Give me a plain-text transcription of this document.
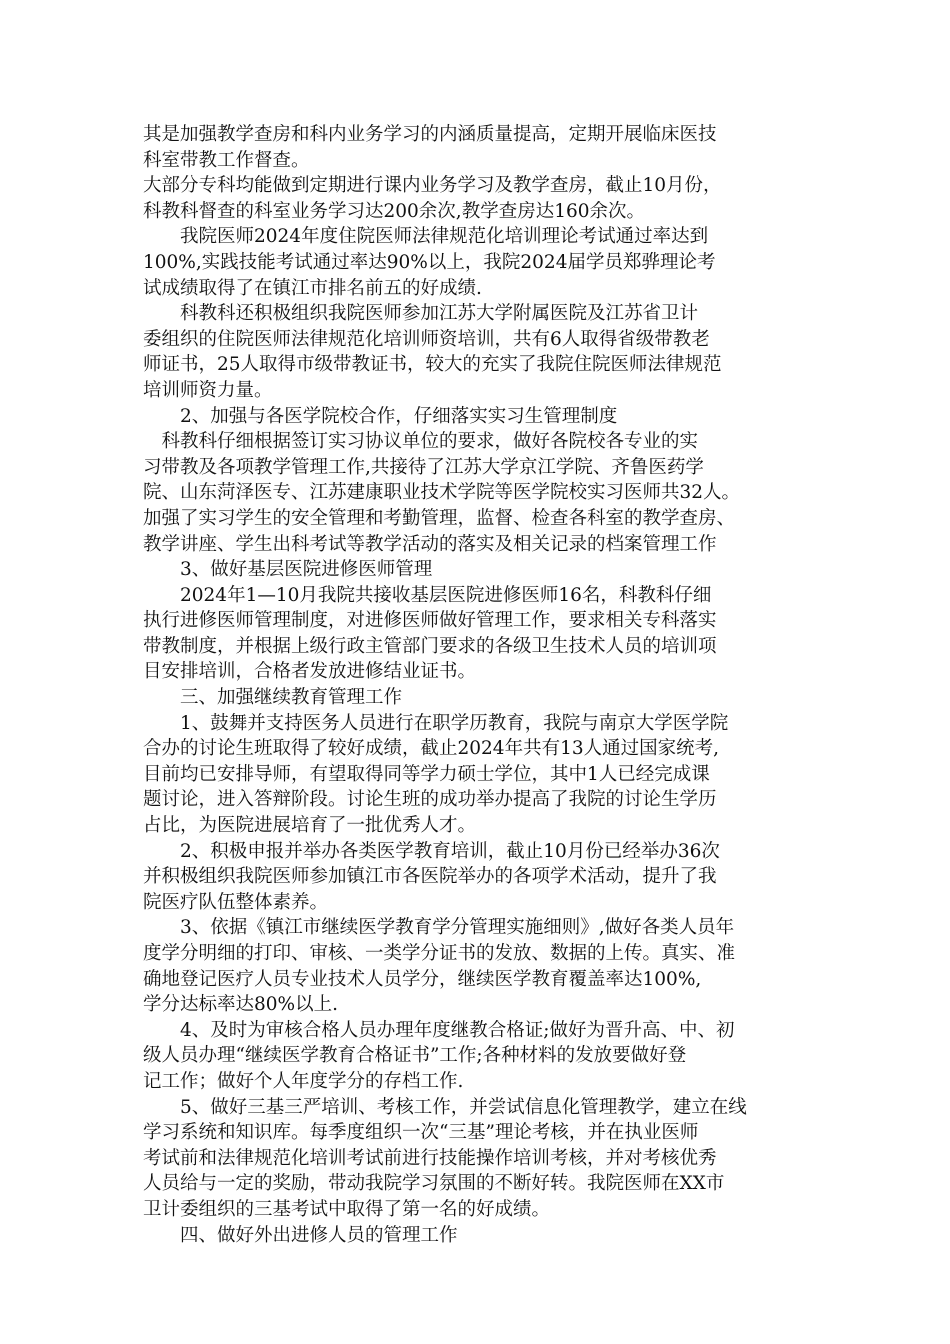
其是加强教学查房和科内业务学习的内涵质量提高，定期开展临床医技
科室带教工作督查。
大部分专科均能做到定期进行课内业务学习及教学查房，截止10月份，
科教科督查的科室业务学习达200余次,教学查房达160余次。
　　我院医师2024年度住院医师法律规范化培训理论考试通过率达到
100%,实践技能考试通过率达90%以上，我院2024届学员郑骅理论考
试成绩取得了在镇江市排名前五的好成绩.
　　科教科还积极组织我院医师参加江苏大学附属医院及江苏省卫计
委组织的住院医师法律规范化培训师资培训，共有6人取得省级带教老
师证书，25人取得市级带教证书，较大的充实了我院住院医师法律规范
培训师资力量。
　　2、加强与各医学院校合作，仔细落实实习生管理制度
　科教科仔细根据签订实习协议单位的要求，做好各院校各专业的实
习带教及各项教学管理工作,共接待了江苏大学京江学院、齐鲁医药学
院、山东菏泽医专、江苏建康职业技术学院等医学院校实习医师共32人。
加强了实习学生的安全管理和考勤管理，监督、检查各科室的教学查房、
教学讲座、学生出科考试等教学活动的落实及相关记录的档案管理工作
　　3、做好基层医院进修医师管理
　　2024年1—10月我院共接收基层医院进修医师16名，科教科仔细
执行进修医师管理制度，对进修医师做好管理工作，要求相关专科落实
带教制度，并根据上级行政主管部门要求的各级卫生技术人员的培训项
目安排培训，合格者发放进修结业证书。
　　三、加强继续教育管理工作
　　1、鼓舞并支持医务人员进行在职学历教育，我院与南京大学医学院
合办的讨论生班取得了较好成绩，截止2024年共有13人通过国家统考,
目前均已安排导师，有望取得同等学力硕士学位，其中1人已经完成课
题讨论，进入答辩阶段。讨论生班的成功举办提高了我院的讨论生学历
占比，为医院进展培育了一批优秀人才。
　　2、积极申报并举办各类医学教育培训，截止10月份已经举办36次
并积极组织我院医师参加镇江市各医院举办的各项学术活动，提升了我
院医疗队伍整体素养。
　　3、依据《镇江市继续医学教育学分管理实施细则》,做好各类人员年
度学分明细的打印、审核、一类学分证书的发放、数据的上传。真实、准
确地登记医疗人员专业技术人员学分，继续医学教育覆盖率达100%,
学分达标率达80%以上.
　　4、及时为审核合格人员办理年度继教合格证;做好为晋升高、中、初
级人员办理“继续医学教育合格证书”工作;各种材料的发放要做好登
记工作；做好个人年度学分的存档工作.
　　5、做好三基三严培训、考核工作，并尝试信息化管理教学，建立在线
学习系统和知识库。每季度组织一次“三基”理论考核，并在执业医师
考试前和法律规范化培训考试前进行技能操作培训考核，并对考核优秀
人员给与一定的奖励，带动我院学习氛围的不断好转。我院医师在XX市
卫计委组织的三基考试中取得了第一名的好成绩。
　　四、做好外出进修人员的管理工作
